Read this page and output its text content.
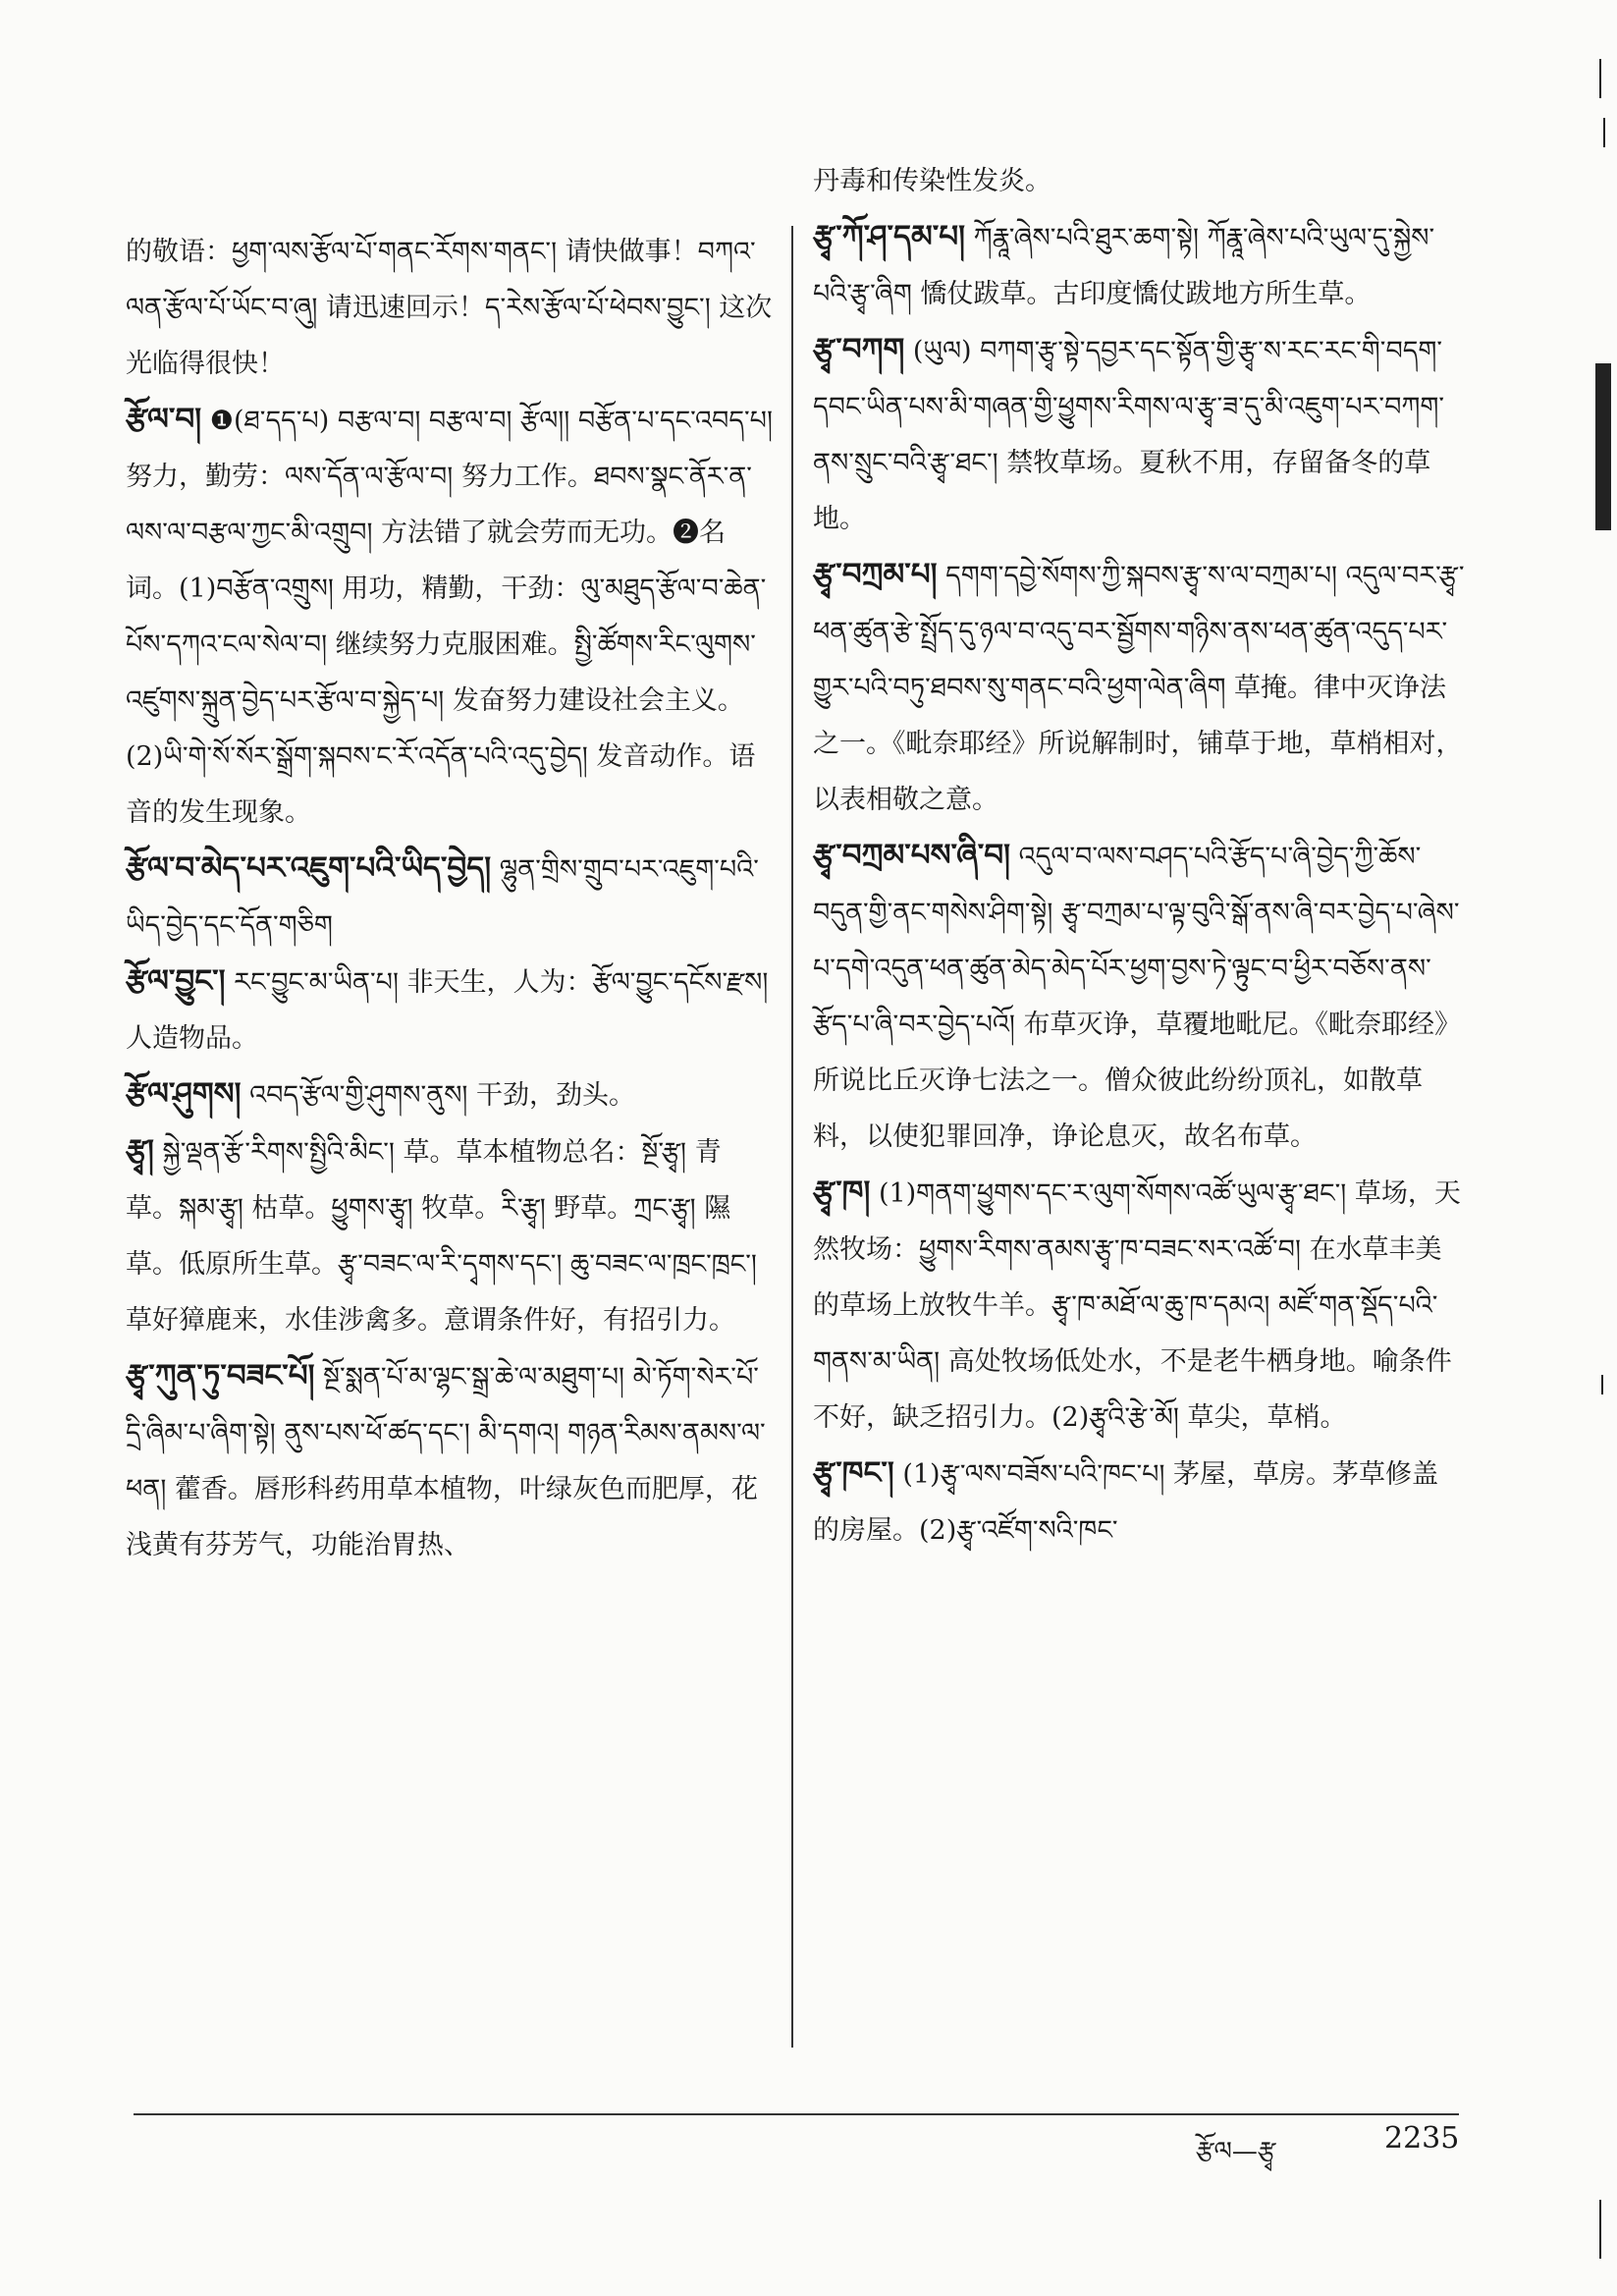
的敬语：ཕྱག་ལས་རྩོལ་པོ་གནང་རོགས་གནང་། 请快做事！བཀའ་ལན་རྩོལ་པོ་ཡོང་བ་ཞུ། 请迅速回示！ད་རེས་རྩོལ་པོ་ཕེབས་བྱུང་། 这次光临得很快！

རྩོལ་བ། ❶(ཐ་དད་པ) བརྩལ་བ། བརྩལ་བ། རྩོལ།། བརྩོན་པ་དང་འབད་པ། 努力，勤劳：ལས་དོན་ལ་རྩོལ་བ། 努力工作。ཐབས་སྣང་ནོར་ན་ལས་ལ་བརྩལ་ཀྱང་མི་འགྲུབ། 方法错了就会劳而无功。❷名词。(1)བརྩོན་འགྲུས། 用功，精勤，干劲：ལུ་མཐུད་རྩོལ་བ་ཆེན་པོས་དཀའ་ངལ་སེལ་བ། 继续努力克服困难。སྤྱི་ཚོགས་རིང་ལུགས་འཛུགས་སྐྲུན་བྱེད་པར་རྩོལ་བ་སྐྱེད་པ། 发奋努力建设社会主义。(2)ཡི་གེ་སོ་སོར་སྒྲོག་སྐབས་ང་རོ་འདོན་པའི་འདུ་བྱེད། 发音动作。语音的发生现象。

རྩོལ་བ་མེད་པར་འཇུག་པའི་ཡིད་བྱེད། ལྷུན་གྲིས་གྲུབ་པར་འཇུག་པའི་ཡིད་བྱེད་དང་དོན་གཅིག

རྩོལ་བྱུང་། རང་བྱུང་མ་ཡིན་པ། 非天生，人为：རྩོལ་བྱུང་དངོས་རྫས། 人造物品。

རྩོལ་ཤུགས། འབད་རྩོལ་གྱི་ཤུགས་ནུས། 干劲，劲头。

རྩྭ། སྐྱེ་ལྡན་རྩོ་རིགས་སྤྱིའི་མིང་། 草。草本植物总名：སྔོ་རྩྭ། 青草。སྐམ་རྩྭ། 枯草。ཕྱུགས་རྩྭ། 牧草。རི་རྩྭ། 野草。ཀྲང་རྩྭ། 隰草。低原所生草。རྩྭ་བཟང་ལ་རི་དྭགས་དང་། ཆུ་བཟང་ལ་ཁྲང་ཁྲང་། 草好獐鹿来，水佳涉禽多。意谓条件好，有招引力。

རྩྭ་ཀུན་ཏུ་བཟང་པོ། སྔོ་སྨན་པོ་མ་ལྷང་སྒྲ་ཆེ་ལ་མཐུག་པ། མེ་ཏོག་སེར་པོ་དྲི་ཞིམ་པ་ཞིག་སྟེ། ནུས་པས་ཕོ་ཚད་དང་། མི་དགའ། གཉན་རིམས་ནམས་ལ་ཕན། 藿香。唇形科药用草本植物，叶绿灰色而肥厚，花浅黄有芬芳气，功能治胃热、

丹毒和传染性发炎。

རྩྭ་ཀོ་ཤ་དམ་པ། ཀོརྣཱ་ཞེས་པའི་ཐུར་ཆག་སྟེ། ཀོརྣཱ་ཞེས་པའི་ཡུལ་དུ་སྐྱེས་པའི་རྩྭ་ཞིག 憍仗跋草。古印度憍仗跋地方所生草。

རྩྭ་བཀག (ཡུལ) བཀག་རྩྭ་སྟེ་དབྱར་དང་སྟོན་གྱི་རྩྭ་ས་རང་རང་གི་བདག་དབང་ཡིན་པས་མི་གཞན་གྱི་ཕྱུགས་རིགས་ལ་རྩྭ་ཟ་དུ་མི་འཇུག་པར་བཀག་ནས་སྲུང་བའི་རྩྭ་ཐང་། 禁牧草场。夏秋不用，存留备冬的草地。

རྩྭ་བཀྲམ་པ། དགག་དབྱེ་སོགས་ཀྱི་སྐབས་རྩྭ་ས་ལ་བཀྲམ་པ། འདུལ་བར་རྩྭ་ཕན་ཚུན་རྩེ་སྤྲོད་དུ་ཉལ་བ་འདུ་བར་སྦྱོགས་གཉིས་ནས་ཕན་ཚུན་འདུད་པར་གྱུར་པའི་བཏུ་ཐབས་སུ་གནང་བའི་ཕྱག་ལེན་ཞིག 草掩。律中灭诤法之一。《毗奈耶经》所说解制时，铺草于地，草梢相对，以表相敬之意。

རྩྭ་བཀྲམ་པས་ཞི་བ། འདུལ་བ་ལས་བཤད་པའི་རྩོད་པ་ཞི་བྱེད་ཀྱི་ཆོས་བདུན་གྱི་ནང་གསེས་ཤིག་སྟེ། རྩྭ་བཀྲམ་པ་ལྟ་བུའི་སྒོ་ནས་ཞི་བར་བྱེད་པ་ཞེས་པ་དགེ་འདུན་ཕན་ཚུན་མེད་མེད་པོར་ཕྱག་བྱས་ཏེ་ལྟུང་བ་ཕྱིར་བཅོས་ནས་རྩོད་པ་ཞི་བར་བྱེད་པའོ། 布草灭诤，草覆地毗尼。《毗奈耶经》所说比丘灭诤七法之一。僧众彼此纷纷顶礼，如散草料，以使犯罪回净，诤论息灭，故名布草。

རྩྭ་ཁ། (1)གནག་ཕྱུགས་དང་ར་ལུག་སོགས་འཚོ་ཡུལ་རྩྭ་ཐང་། 草场，天然牧场：ཕྱུགས་རིགས་ནམས་རྩྭ་ཁ་བཟང་སར་འཚོ་བ། 在水草丰美的草场上放牧牛羊。རྩྭ་ཁ་མཐོ་ལ་ཆུ་ཁ་དམའ། མཛོ་གན་སྡོད་པའི་གནས་མ་ཡིན། 高处牧场低处水，不是老牛栖身地。喻条件不好，缺乏招引力。(2)རྩྭའི་རྩེ་མོ། 草尖，草梢。

རྩྭ་ཁང་། (1)རྩྭ་ལས་བཟོས་པའི་ཁང་པ། 茅屋，草房。茅草修盖的房屋。(2)རྩྭ་འཛོག་སའི་ཁང་

རྩོལ—རྩྭ	2235
